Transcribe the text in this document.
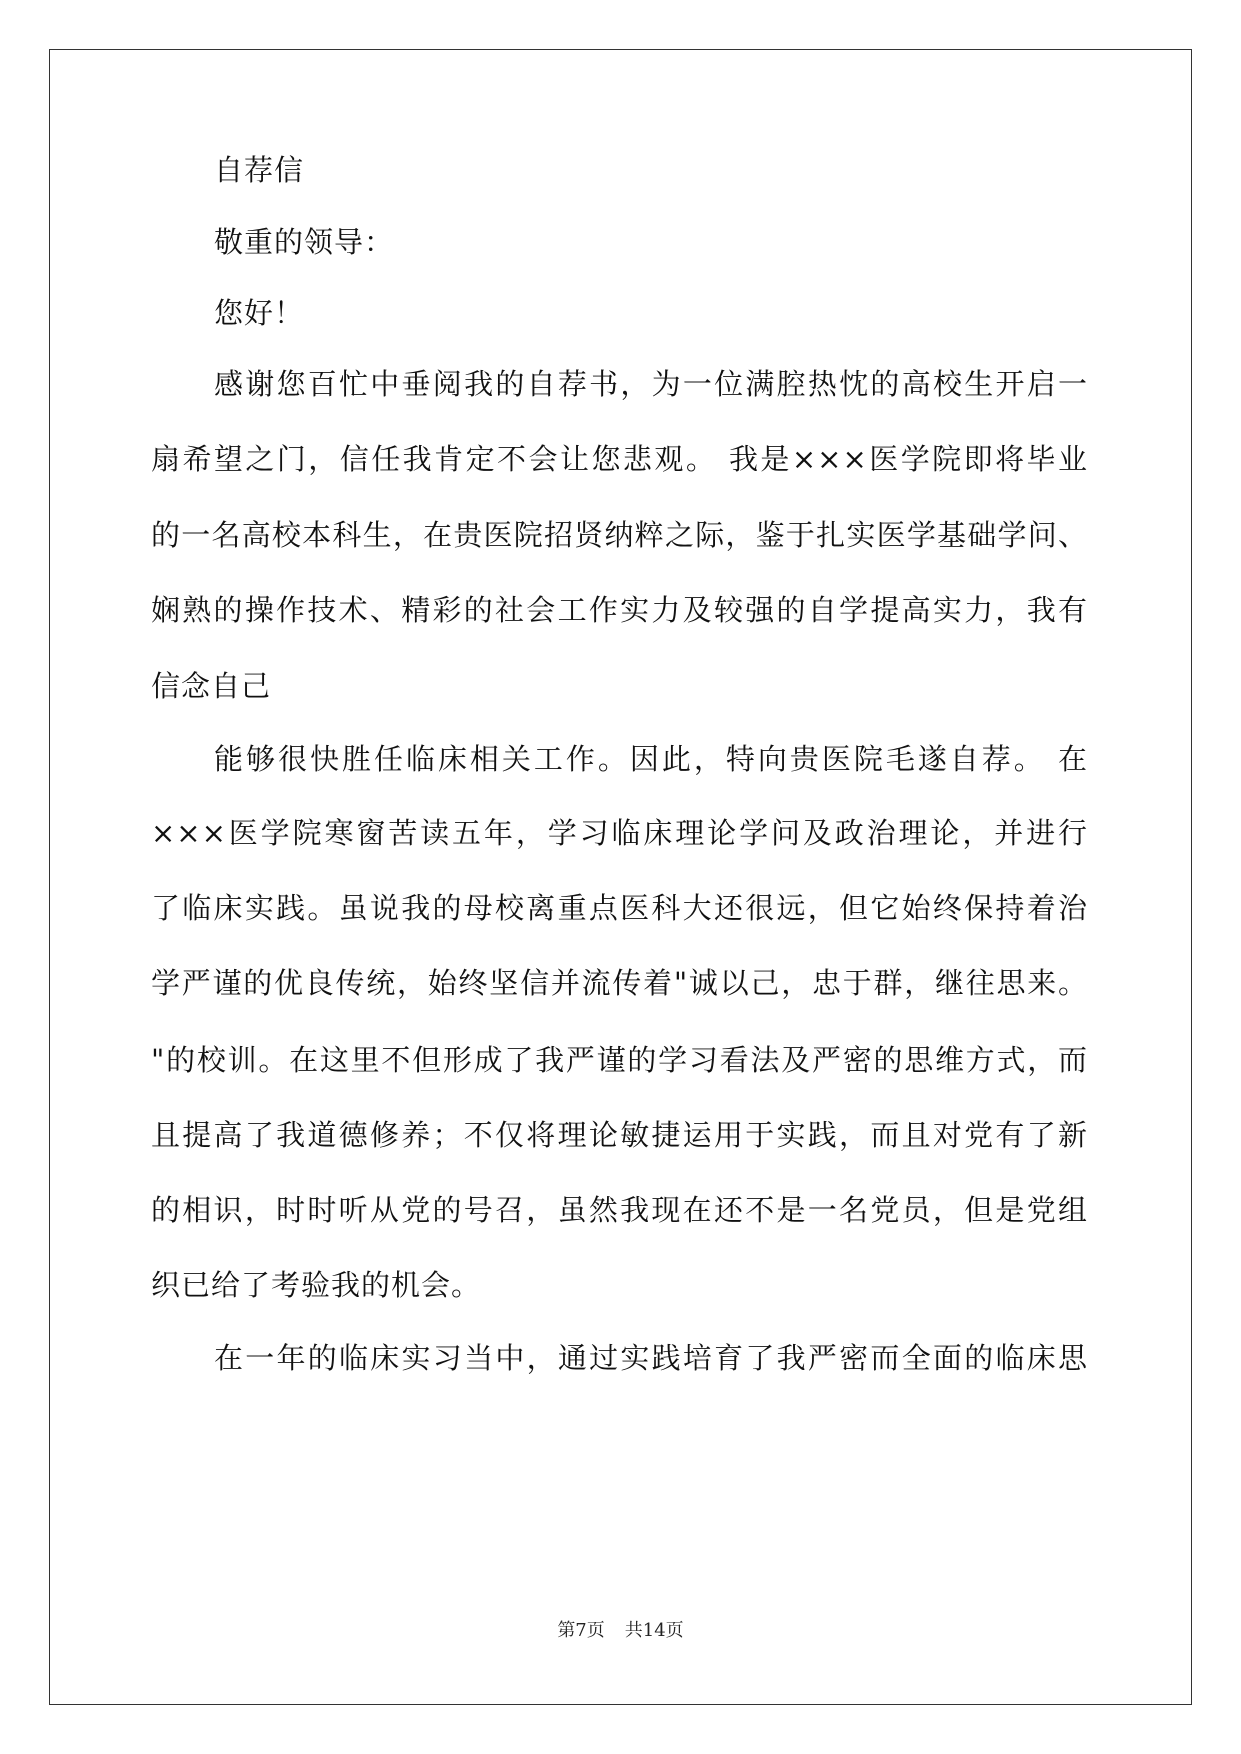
自荐信
敬重的领导：
您好！
感谢您百忙中垂阅我的自荐书，为一位满腔热忱的高校生开启一
扇希望之门，信任我肯定不会让您悲观。 我是×××医学院即将毕业
的一名高校本科生，在贵医院招贤纳粹之际，鉴于扎实医学基础学问、
娴熟的操作技术、精彩的社会工作实力及较强的自学提高实力，我有
信念自己
能够很快胜任临床相关工作。因此，特向贵医院毛遂自荐。 在
×××医学院寒窗苦读五年，学习临床理论学问及政治理论，并进行
了临床实践。虽说我的母校离重点医科大还很远，但它始终保持着治
学严谨的优良传统，始终坚信并流传着"诚以己，忠于群，继往思来。
"的校训。在这里不但形成了我严谨的学习看法及严密的思维方式，而
且提高了我道德修养；不仅将理论敏捷运用于实践，而且对党有了新
的相识，时时听从党的号召，虽然我现在还不是一名党员，但是党组
织已给了考验我的机会。
在一年的临床实习当中，通过实践培育了我严密而全面的临床思
第7页 共14页
